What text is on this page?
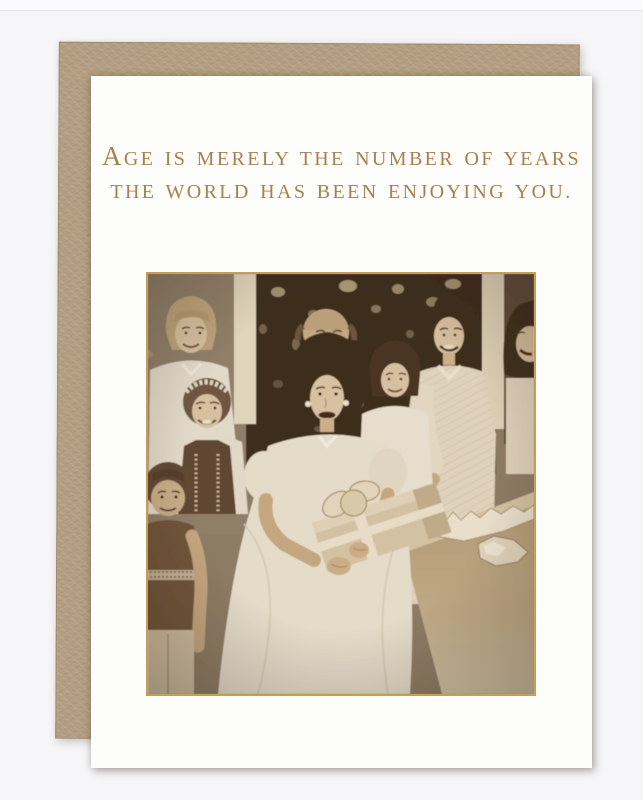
AGE IS MERELY THE NUMBER OF YEARS
THE WORLD HAS BEEN ENJOYING YOU.
